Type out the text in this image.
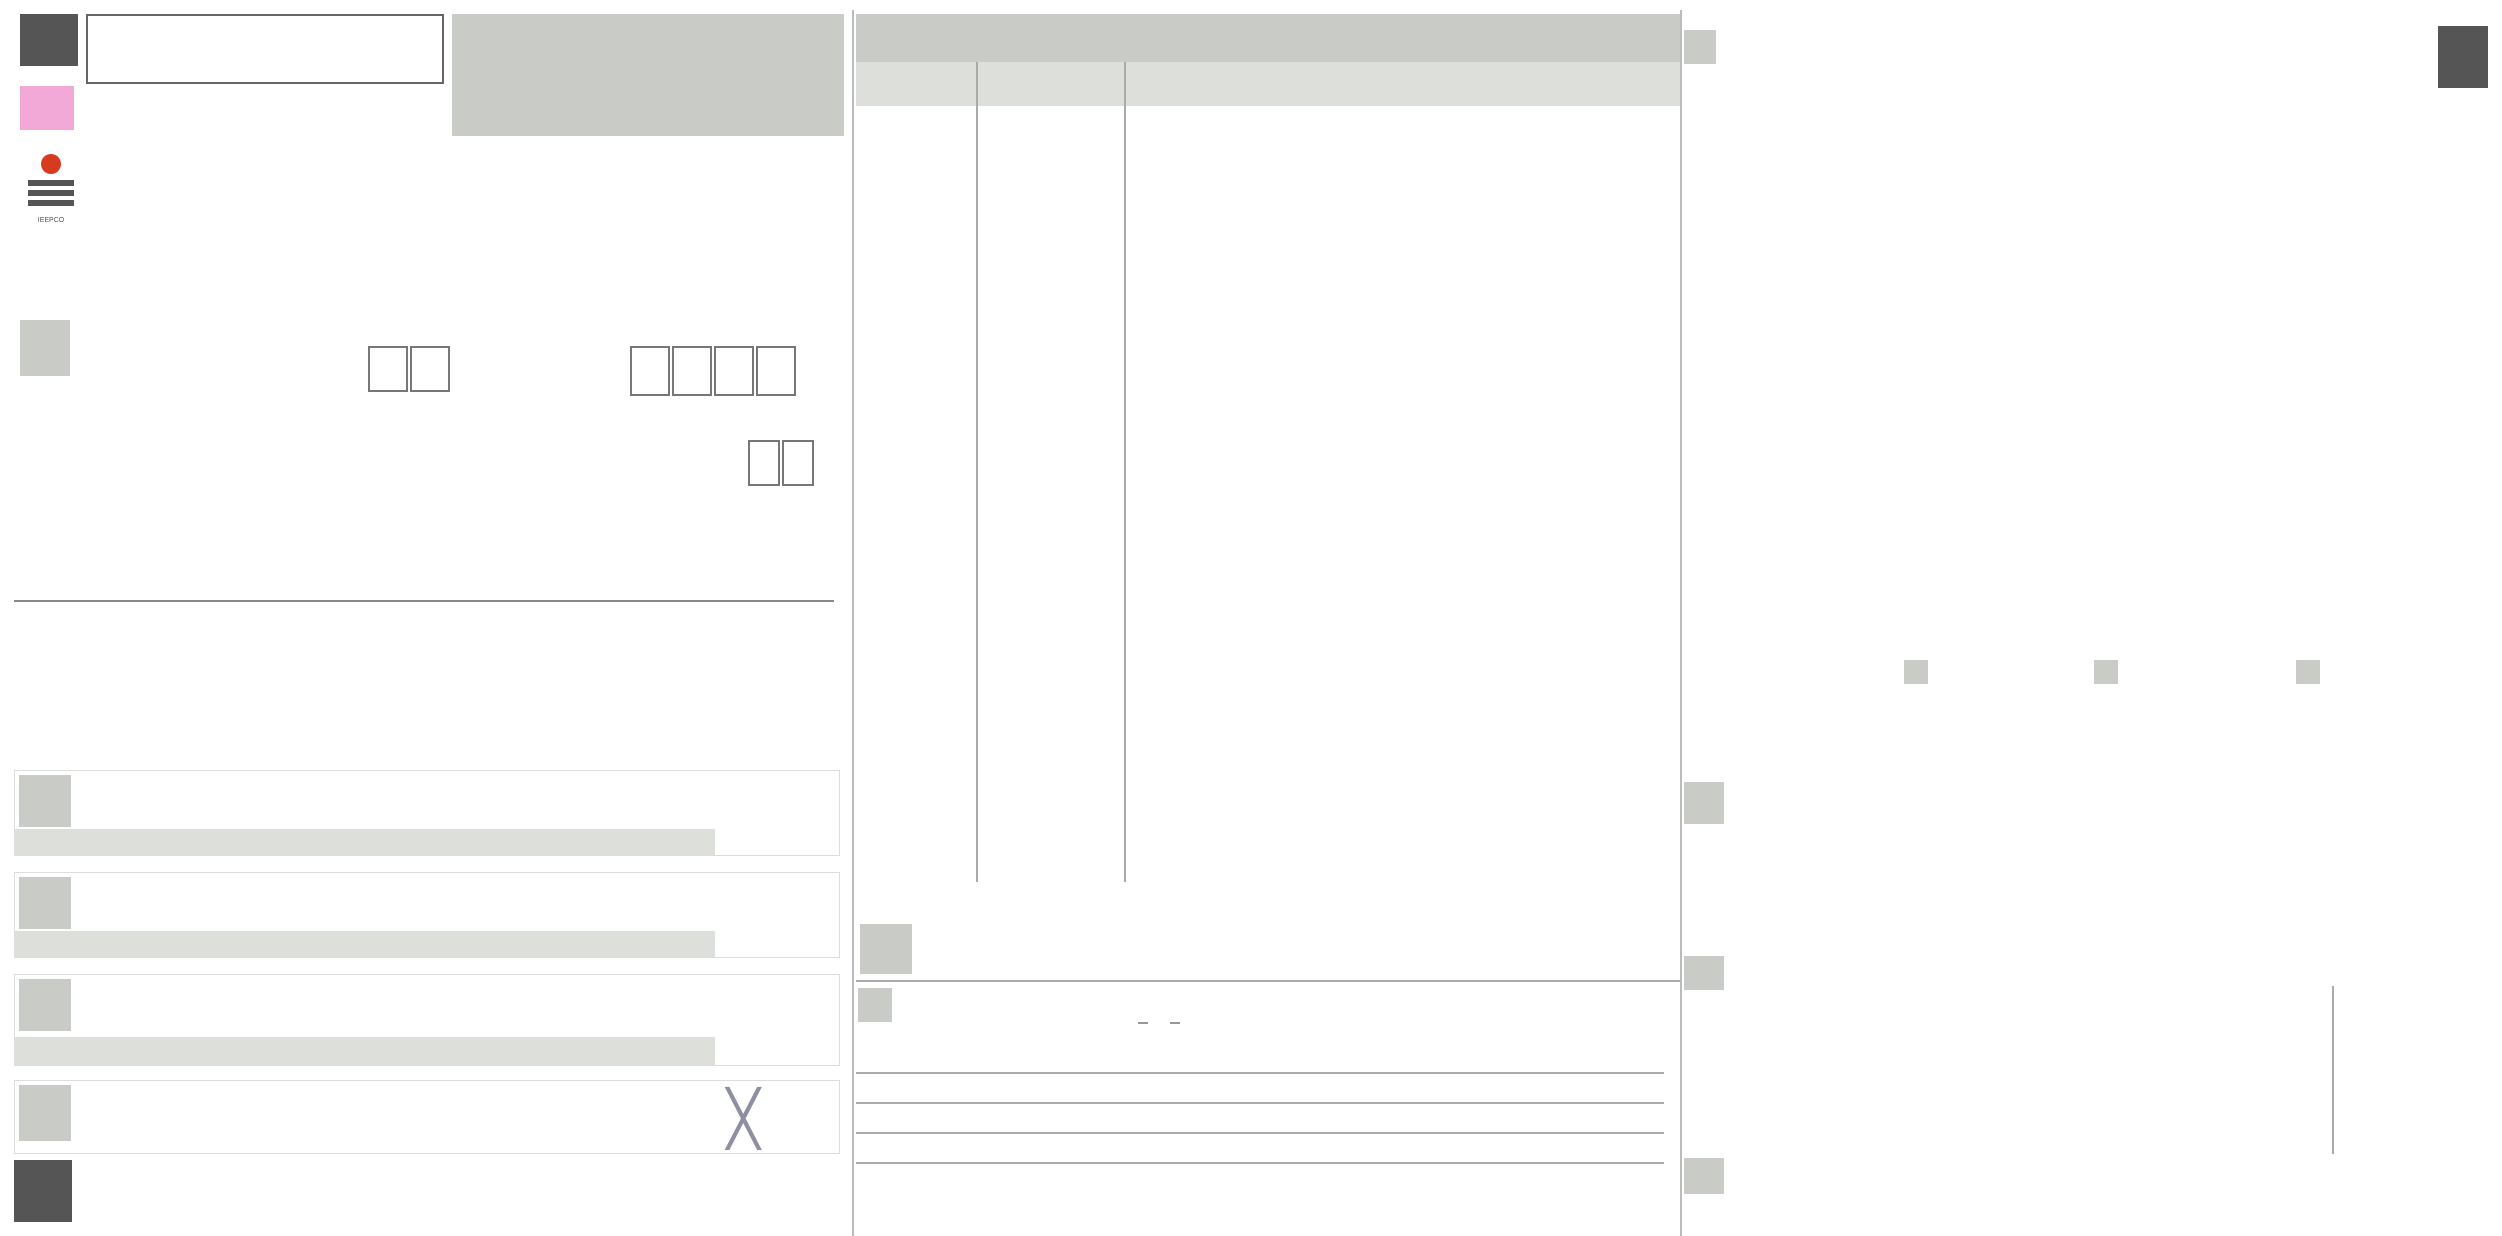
IEEPCO
╳
